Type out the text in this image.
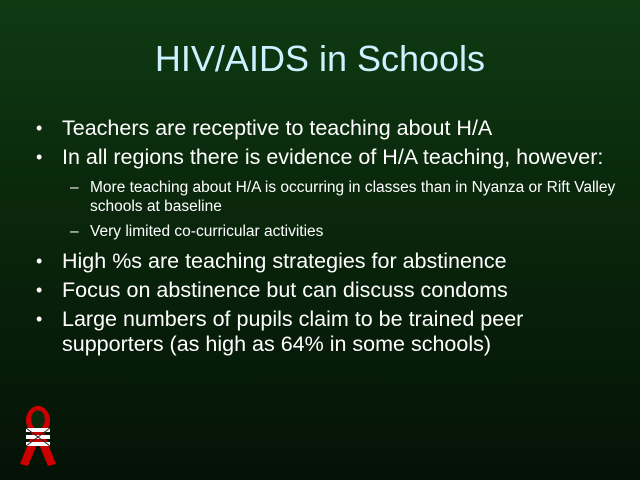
HIV/AIDS in Schools
• Teachers are receptive to teaching about H/A
• In all regions there is evidence of H/A teaching, however:
– More teaching about H/A is occurring in classes than in Nyanza or Rift Valley schools at baseline
– Very limited co-curricular activities
• High %s are teaching strategies for abstinence
• Focus on abstinence but can discuss condoms
• Large numbers of pupils claim to be trained peer supporters (as high as 64% in some schools)
